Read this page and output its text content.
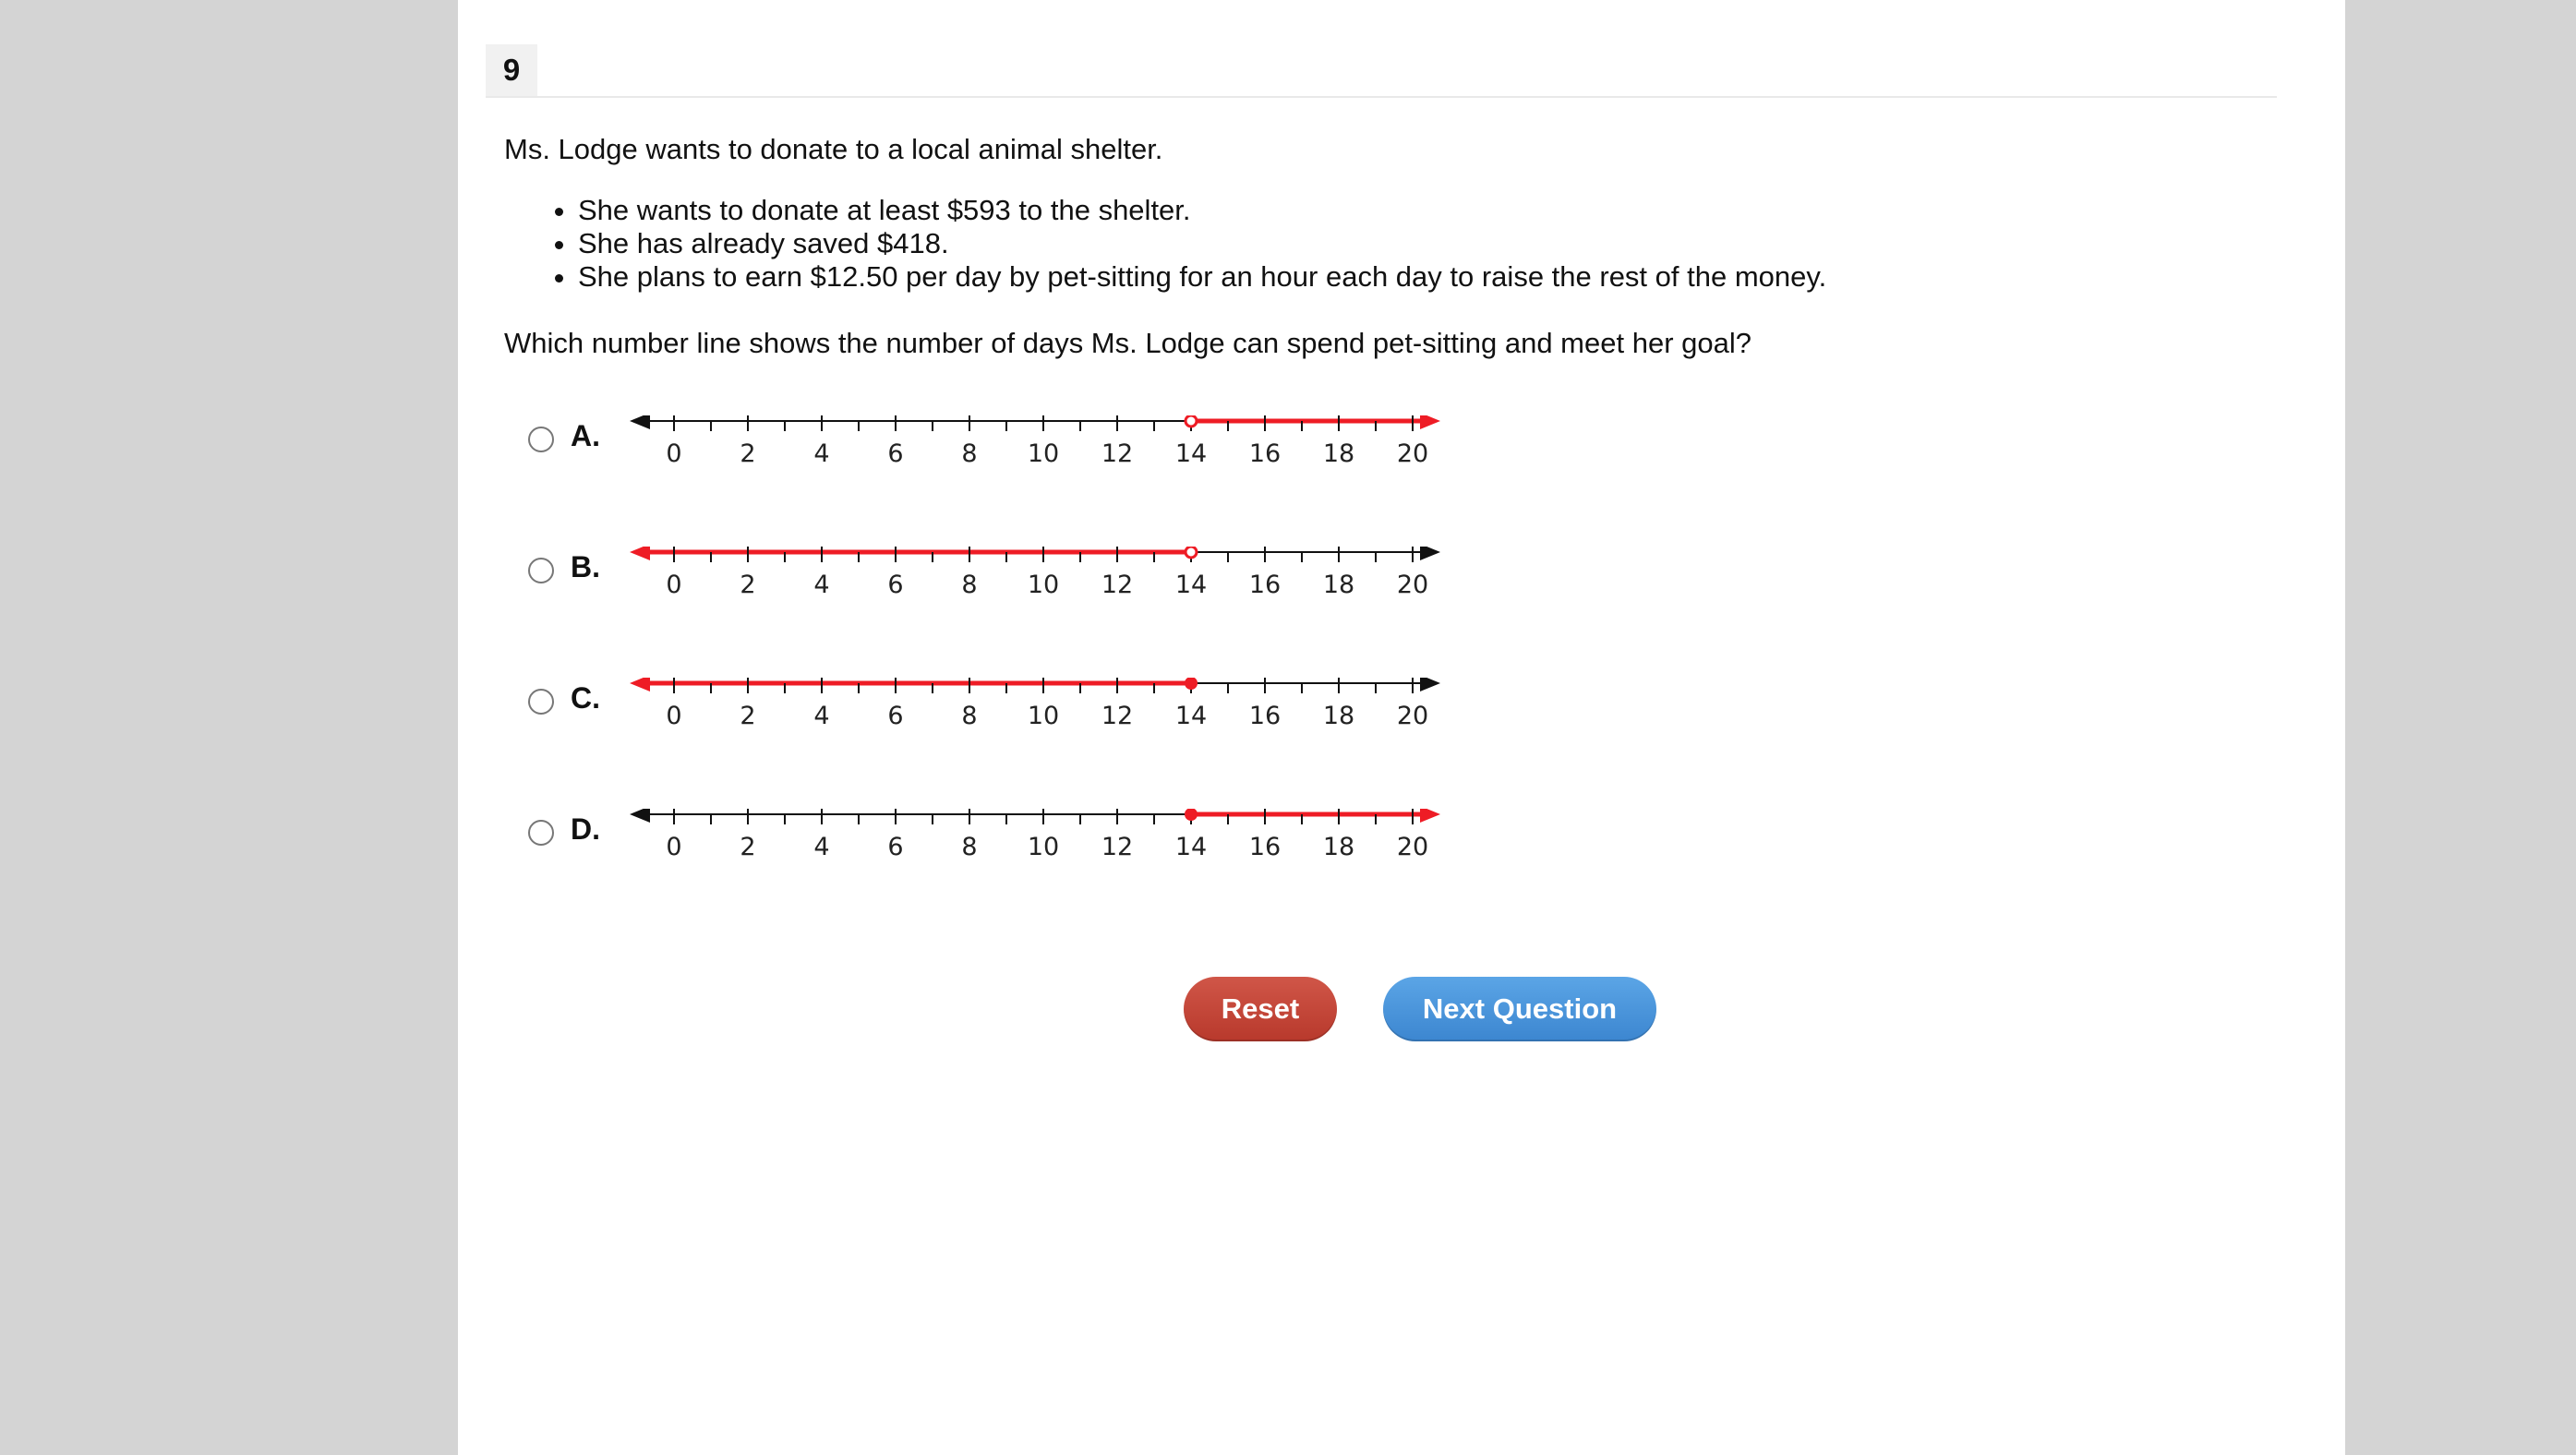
9
Ms. Lodge wants to donate to a local animal shelter.
• She wants to donate at least $593 to the shelter.
• She has already saved $418.
• She plans to earn $12.50 per day by pet-sitting for an hour each day to raise the rest of the money.
Which number line shows the number of days Ms. Lodge can spend pet-sitting and meet her goal?
A.
0 2 4 6 8 10 12 14 16 18 20
B.
0 2 4 6 8 10 12 14 16 18 20
C.
0 2 4 6 8 10 12 14 16 18 20
D.
0 2 4 6 8 10 12 14 16 18 20
Reset	Next Question
